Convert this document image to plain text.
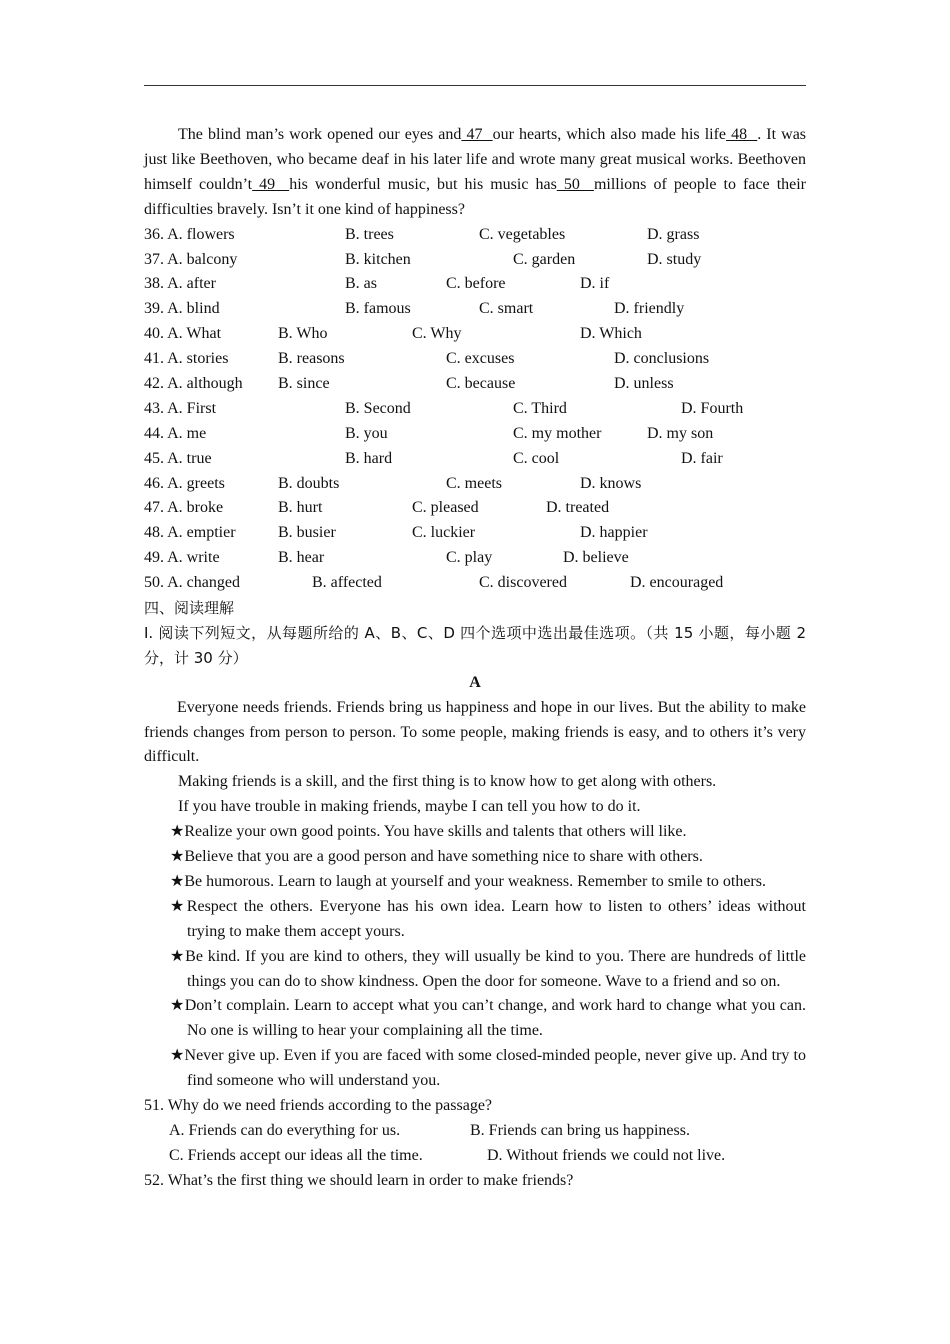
The blind man’s work opened our eyes and 47  our hearts, which also made his life 48  . It was just like Beethoven, who became deaf in his later life and wrote many great musical works. Beethoven himself couldn’t 49  his wonderful music, but his music has 50  millions of people to face their difficulties bravely. Isn’t it one kind of happiness?

36. A. flowers	B. trees	C. vegetables	D. grass
37. A. balcony	B. kitchen	C. garden	D. study
38. A. after	B. as	C. before	D. if
39. A. blind	B. famous	C. smart	D. friendly
40. A. What	B. Who	C. Why	D. Which
41. A. stories	B. reasons	C. excuses	D. conclusions
42. A. although B. since	C. because	D. unless
43. A. First	B. Second	C. Third	D. Fourth
44. A. me	B. you	C. my mother	D. my son
45. A. true	B. hard	C. cool	D. fair
46. A. greets	B. doubts	C. meets	D. knows
47. A. broke	B. hurt	C. pleased	D. treated
48. A. emptier	B. busier	C. luckier	D. happier
49. A. write	B. hear	C. play	D. believe
50. A. changed	B. affected	C. discovered	D. encouraged

四、阅读理解

I. 阅读下列短文，从每题所给的 A、B、C、D 四个选项中选出最佳选项。（共 15 小题，每小题 2 分，计 30 分）

A

Everyone needs friends. Friends bring us happiness and hope in our lives. But the ability to make friends changes from person to person. To some people, making friends is easy, and to others it’s very difficult.

Making friends is a skill, and the first thing is to know how to get along with others.

If you have trouble in making friends, maybe I can tell you how to do it.

★Realize your own good points. You have skills and talents that others will like.

★Believe that you are a good person and have something nice to share with others.

★Be humorous. Learn to laugh at yourself and your weakness. Remember to smile to others.

★Respect the others. Everyone has his own idea. Learn how to listen to others’ ideas without trying to make them accept yours.

★Be kind. If you are kind to others, they will usually be kind to you. There are hundreds of little things you can do to show kindness. Open the door for someone. Wave to a friend and so on.

★Don’t complain. Learn to accept what you can’t change, and work hard to change what you can. No one is willing to hear your complaining all the time.

★Never give up. Even if you are faced with some closed-minded people, never give up. And try to find someone who will understand you.

51. Why do we need friends according to the passage?

A. Friends can do everything for us.	B. Friends can bring us happiness.
C. Friends accept our ideas all the time.	D. Without friends we could not live.

52. What’s the first thing we should learn in order to make friends?
